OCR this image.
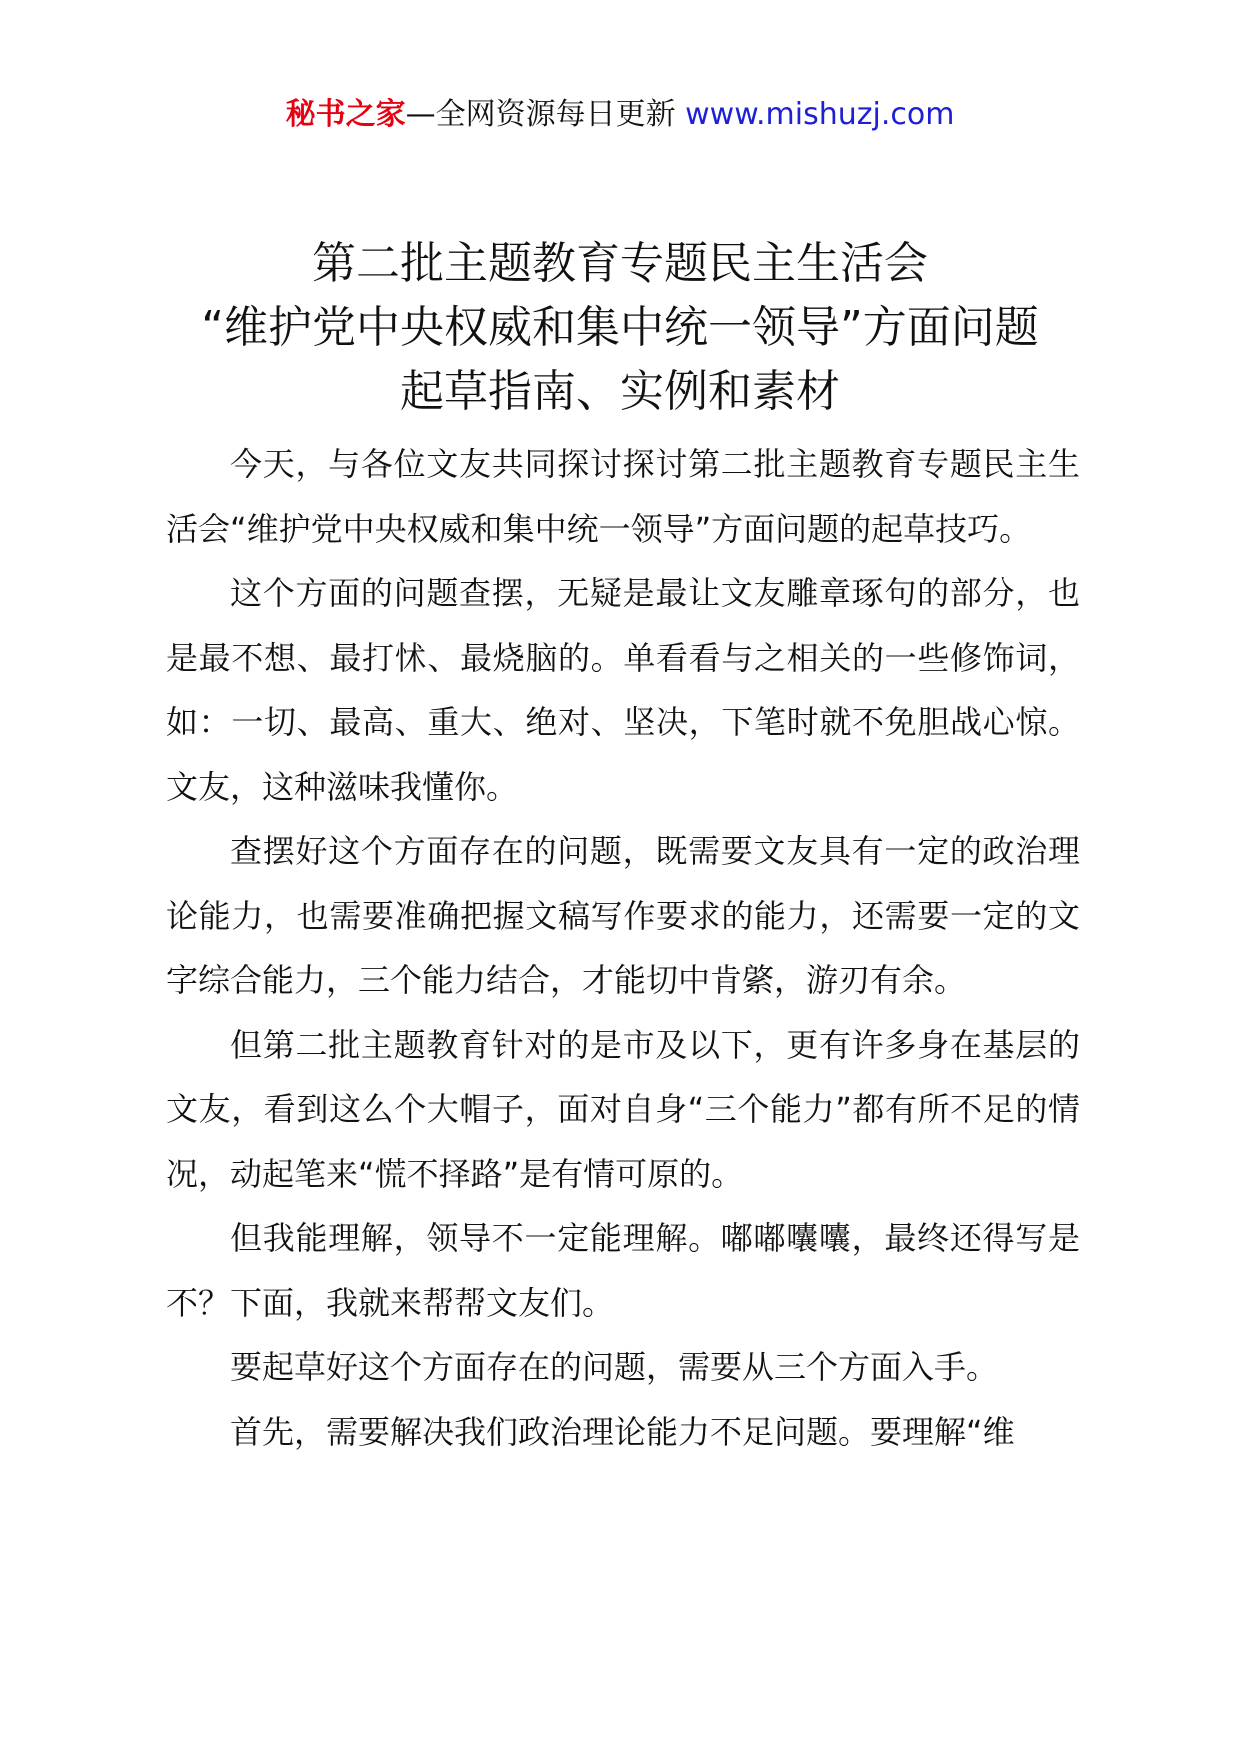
秘书之家—全网资源每日更新 www.mishuzj.com
第二批主题教育专题民主生活会
“维护党中央权威和集中统一领导”方面问题
起草指南、实例和素材

今天，与各位文友共同探讨探讨第二批主题教育专题民主生活会“维护党中央权威和集中统一领导”方面问题的起草技巧。

这个方面的问题查摆，无疑是最让文友雕章琢句的部分，也是最不想、最打怵、最烧脑的。单看看与之相关的一些修饰词，如：一切、最高、重大、绝对、坚决，下笔时就不免胆战心惊。文友，这种滋味我懂你。

查摆好这个方面存在的问题，既需要文友具有一定的政治理论能力，也需要准确把握文稿写作要求的能力，还需要一定的文字综合能力，三个能力结合，才能切中肯綮，游刃有余。

但第二批主题教育针对的是市及以下，更有许多身在基层的文友，看到这么个大帽子，面对自身“三个能力”都有所不足的情况，动起笔来“慌不择路”是有情可原的。

但我能理解，领导不一定能理解。嘟嘟囔囔，最终还得写是不？下面，我就来帮帮文友们。

要起草好这个方面存在的问题，需要从三个方面入手。

首先，需要解决我们政治理论能力不足问题。要理解“维
